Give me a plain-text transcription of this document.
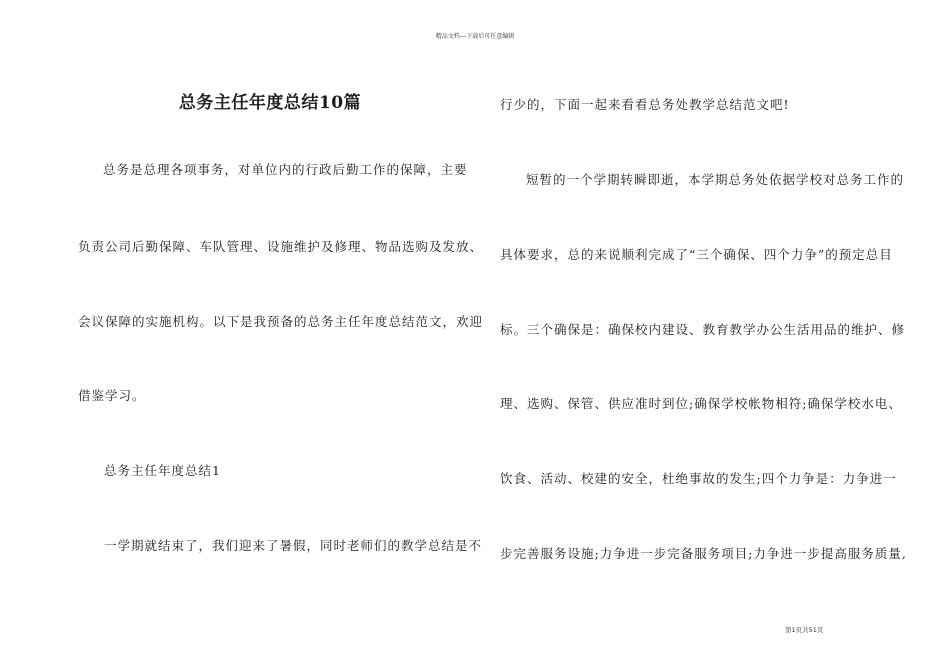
精品文档---下载后可任意编辑
总务主任年度总结10篇
总务是总理各项事务，对单位内的行政后勤工作的保障，主要
负责公司后勤保障、车队管理、设施维护及修理、物品选购及发放、
会议保障的实施机构。以下是我预备的总务主任年度总结范文，欢迎
借鉴学习。
总务主任年度总结1
一学期就结束了，我们迎来了暑假，同时老师们的教学总结是不
行少的，下面一起来看看总务处教学总结范文吧!
短暂的一个学期转瞬即逝，本学期总务处依据学校对总务工作的
具体要求，总的来说顺利完成了“三个确保、四个力争”的预定总目
标。三个确保是：确保校内建设、教育教学办公生活用品的维护、修
理、选购、保管、供应准时到位;确保学校帐物相符;确保学校水电、
饮食、活动、校建的安全，杜绝事故的发生;四个力争是：力争进一
步完善服务设施;力争进一步完备服务项目;力争进一步提高服务质量,
第1页共51页
